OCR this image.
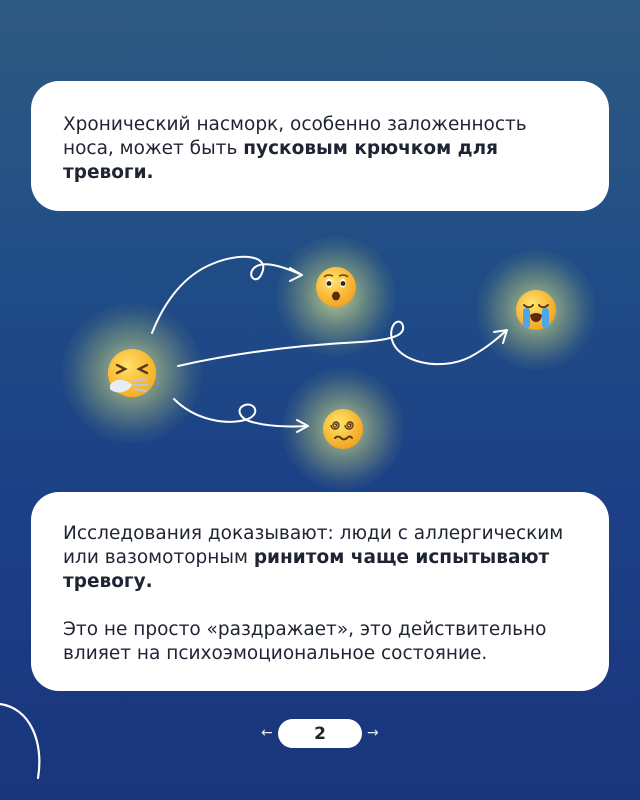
Хронический насморк, особенно заложенность носа, может быть пусковым крючком для тревоги.

Исследования доказывают: люди с аллергическим или вазомоторным ринитом чаще испытывают тревогу.

Это не просто «раздражает», это действительно влияет на психоэмоциональное состояние.

← 2	→
